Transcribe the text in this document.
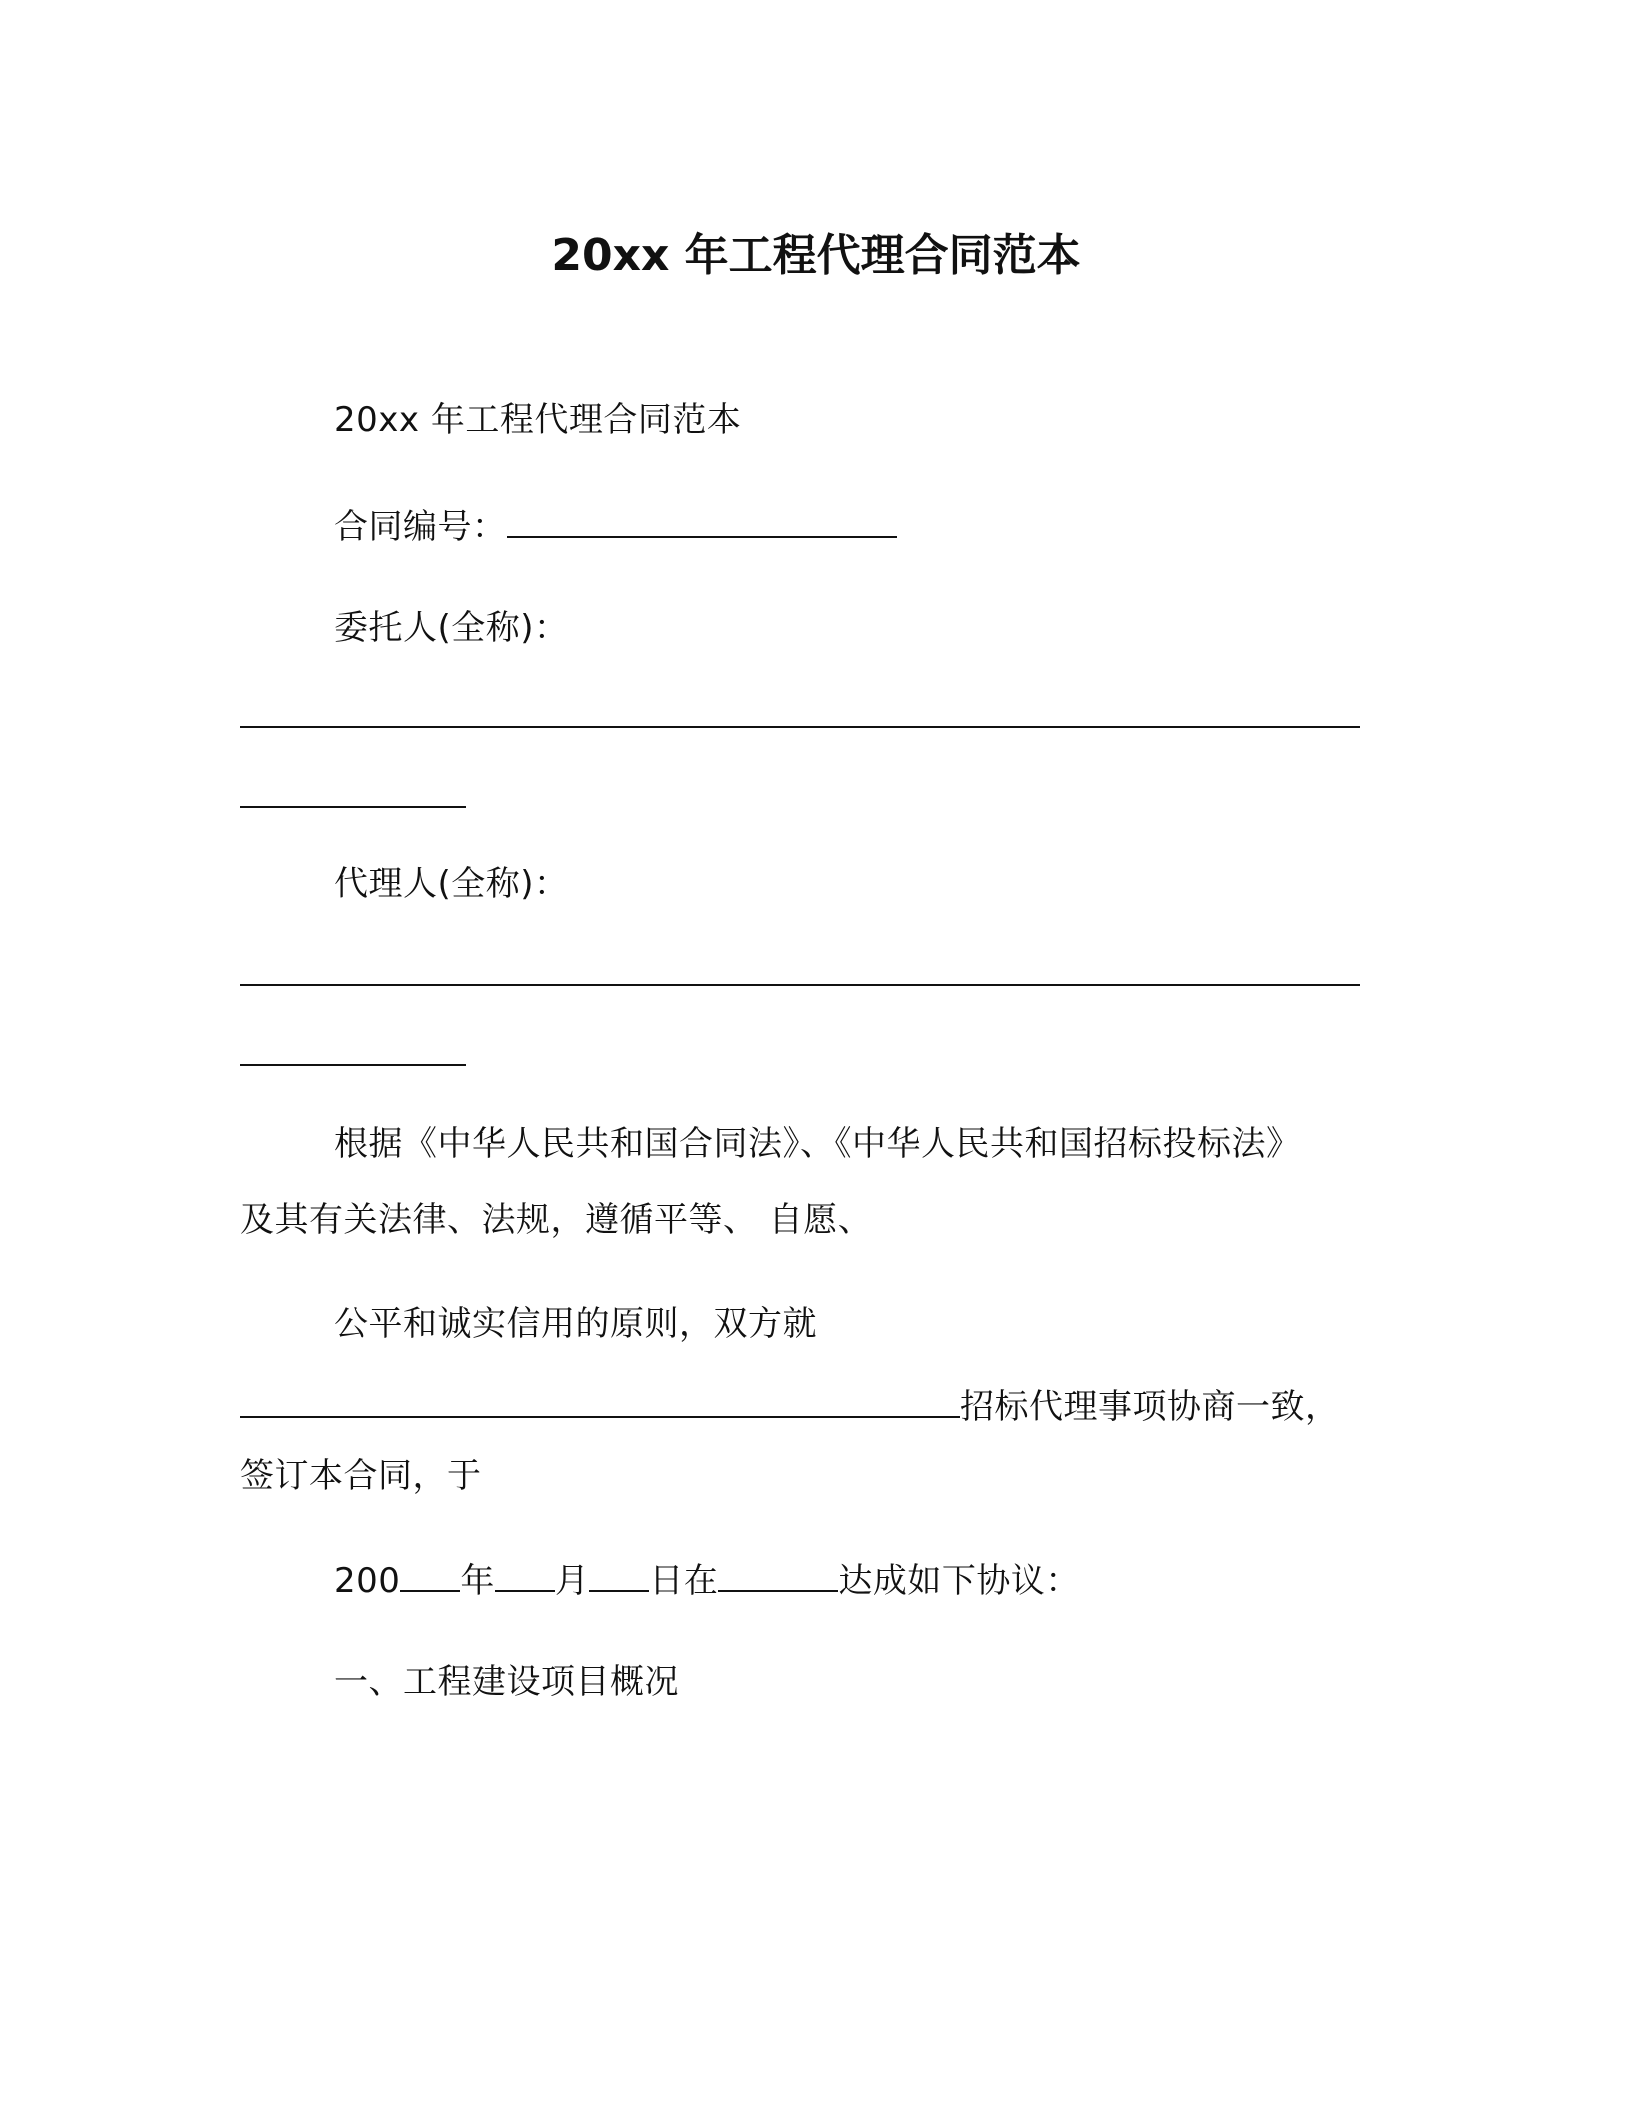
20xx 年工程代理合同范本
20xx 年工程代理合同范本
合同编号：
委托人(全称)：
代理人(全称)：
根据《中华人民共和国合同法》、《中华人民共和国招标投标法》
及其有关法律、法规，遵循平等、 自愿、
公平和诚实信用的原则，双方就
招标代理事项协商一致，
签订本合同，于
200 年 月 日在	达成如下协议：
一、工程建设项目概况
